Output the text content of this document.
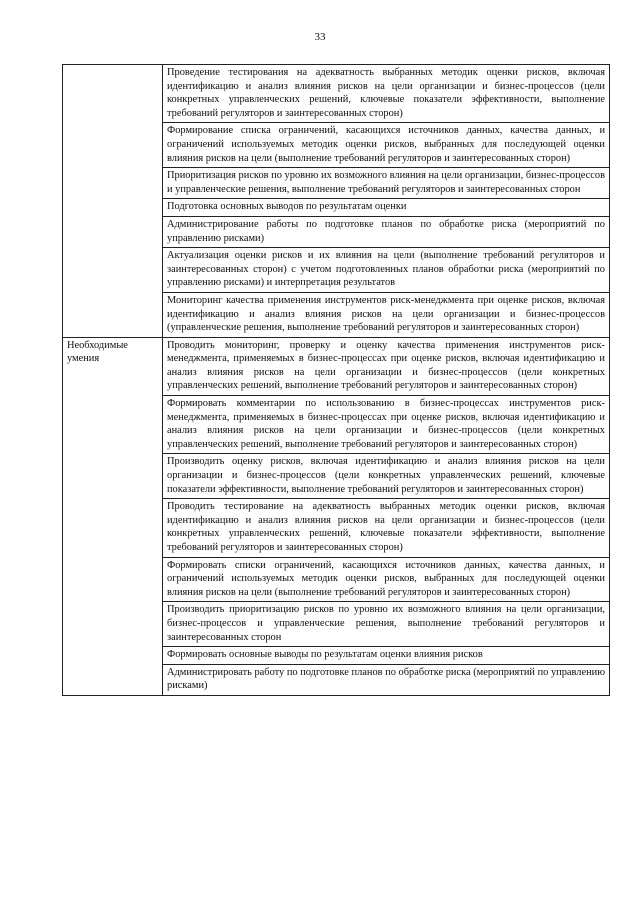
33
	Проведение тестирования на адекватность выбранных методик оценки рисков, включая идентификацию и анализ влияния рисков на цели организации и бизнес-процессов (цели конкретных управленческих решений, ключевые показатели эффективности, выполнение требований регуляторов и заинтересованных сторон)
	Формирование списка ограничений, касающихся источников данных, качества данных, и ограничений используемых методик оценки рисков, выбранных для последующей оценки влияния рисков на цели (выполнение требований регуляторов и заинтересованных сторон)
	Приоритизация рисков по уровню их возможного влияния на цели организации, бизнес-процессов и управленческие решения, выполнение требований регуляторов и заинтересованных сторон
	Подготовка основных выводов по результатам оценки
	Администрирование работы по подготовке планов по обработке риска (мероприятий по управлению рисками)
	Актуализация оценки рисков и их влияния на цели (выполнение требований регуляторов и заинтересованных сторон) с учетом подготовленных планов обработки риска (мероприятий по управлению рисками) и интерпретация результатов
	Мониторинг качества применения инструментов риск-менеджмента при оценке рисков, включая идентификацию и анализ влияния рисков на цели организации и бизнес-процессов (управленческие решения, выполнение требований регуляторов и заинтересованных сторон)
Необходимые умения	Проводить мониторинг, проверку и оценку качества применения инструментов риск-менеджмента, применяемых в бизнес-процессах при оценке рисков, включая идентификацию и анализ влияния рисков на цели организации и бизнес-процессов (цели конкретных управленческих решений, выполнение требований регуляторов и заинтересованных сторон)
	Формировать комментарии по использованию в бизнес-процессах инструментов риск-менеджмента, применяемых в бизнес-процессах при оценке рисков, включая идентификацию и анализ влияния рисков на цели организации и бизнес-процессов (цели конкретных управленческих решений, выполнение требований регуляторов и заинтересованных сторон)
	Производить оценку рисков, включая идентификацию и анализ влияния рисков на цели организации и бизнес-процессов (цели конкретных управленческих решений, ключевые показатели эффективности, выполнение требований регуляторов и заинтересованных сторон)
	Проводить тестирование на адекватность выбранных методик оценки рисков, включая идентификацию и анализ влияния рисков на цели организации и бизнес-процессов (цели конкретных управленческих решений, ключевые показатели эффективности, выполнение требований регуляторов и заинтересованных сторон)
	Формировать списки ограничений, касающихся источников данных, качества данных, и ограничений используемых методик оценки рисков, выбранных для последующей оценки влияния рисков на цели (выполнение требований регуляторов и заинтересованных сторон)
	Производить приоритизацию рисков по уровню их возможного влияния на цели организации, бизнес-процессов и управленческие решения, выполнение требований регуляторов и заинтересованных сторон
	Формировать основные выводы по результатам оценки влияния рисков
	Администрировать работу по подготовке планов по обработке риска (мероприятий по управлению рисками)
